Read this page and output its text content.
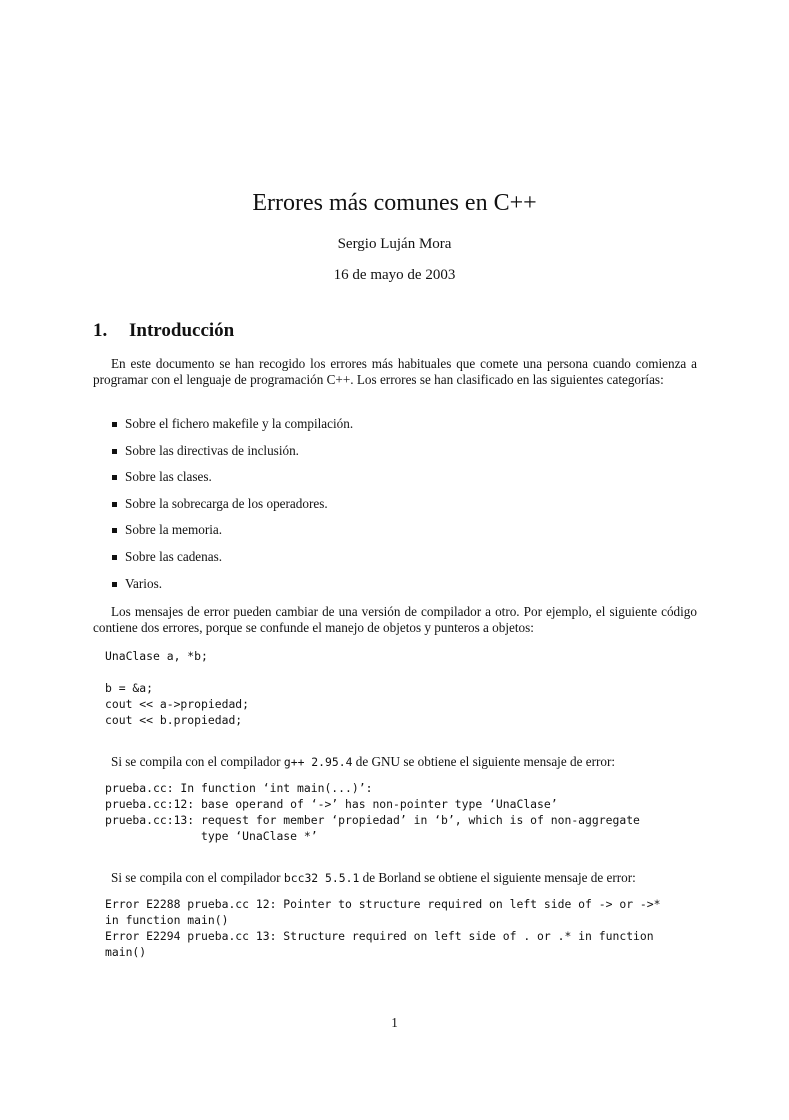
Errores más comunes en C++
Sergio Luján Mora
16 de mayo de 2003
1. Introducción

En este documento se han recogido los errores más habituales que comete una persona cuando comienza a programar con el lenguaje de programación C++. Los errores se han clasificado en las siguientes categorías:

Sobre el fichero makefile y la compilación.
Sobre las directivas de inclusión.
Sobre las clases.
Sobre la sobrecarga de los operadores.
Sobre la memoria.
Sobre las cadenas.
Varios.

Los mensajes de error pueden cambiar de una versión de compilador a otro. Por ejemplo, el siguiente código contiene dos errores, porque se confunde el manejo de objetos y punteros a objetos:

UnaClase a, *b;

b = &a;
cout << a->propiedad;
cout << b.propiedad;

Si se compila con el compilador g++ 2.95.4 de GNU se obtiene el siguiente mensaje de error:

prueba.cc: In function ‘int main(...)’:
prueba.cc:12: base operand of ‘->’ has non-pointer type ‘UnaClase’
prueba.cc:13: request for member ‘propiedad’ in ‘b’, which is of non-aggregate
type ‘UnaClase *’

Si se compila con el compilador bcc32 5.5.1 de Borland se obtiene el siguiente mensaje de error:

Error E2288 prueba.cc 12: Pointer to structure required on left side of -> or ->*
in function main()
Error E2294 prueba.cc 13: Structure required on left side of . or .* in function
main()
1
